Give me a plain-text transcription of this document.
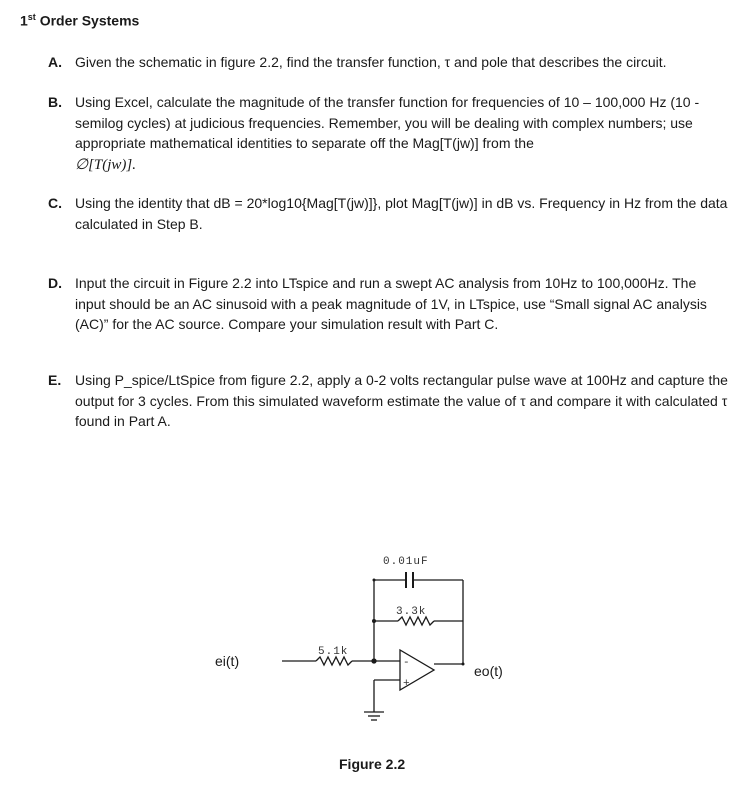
1st Order Systems
A. Given the schematic in figure 2.2, find the transfer function, τ and pole that describes the circuit.
B. Using Excel, calculate the magnitude of the transfer function for frequencies of 10 – 100,000 Hz (10 -semilog cycles) at judicious frequencies. Remember, you will be dealing with complex numbers; use appropriate mathematical identities to separate off the Mag[T(jw)] from the
∅[T(jw)].
C. Using the identity that dB = 20*log10{Mag[T(jw)]}, plot Mag[T(jw)] in dB vs. Frequency in Hz from the data calculated in Step B.
D. Input the circuit in Figure 2.2 into LTspice and run a swept AC analysis from 10Hz to 100,000Hz. The input should be an AC sinusoid with a peak magnitude of 1V, in LTspice, use “Small signal AC analysis (AC)” for the AC source. Compare your simulation result with Part C.
E. Using P_spice/LtSpice from figure 2.2, apply a 0-2 volts rectangular pulse wave at 100Hz and capture the output for 3 cycles. From this simulated waveform estimate the value of τ and compare it with calculated τ found in Part A.
0.01uF
3.3k
5.1k
-
+
ei(t)
eo(t)
Figure 2.2
